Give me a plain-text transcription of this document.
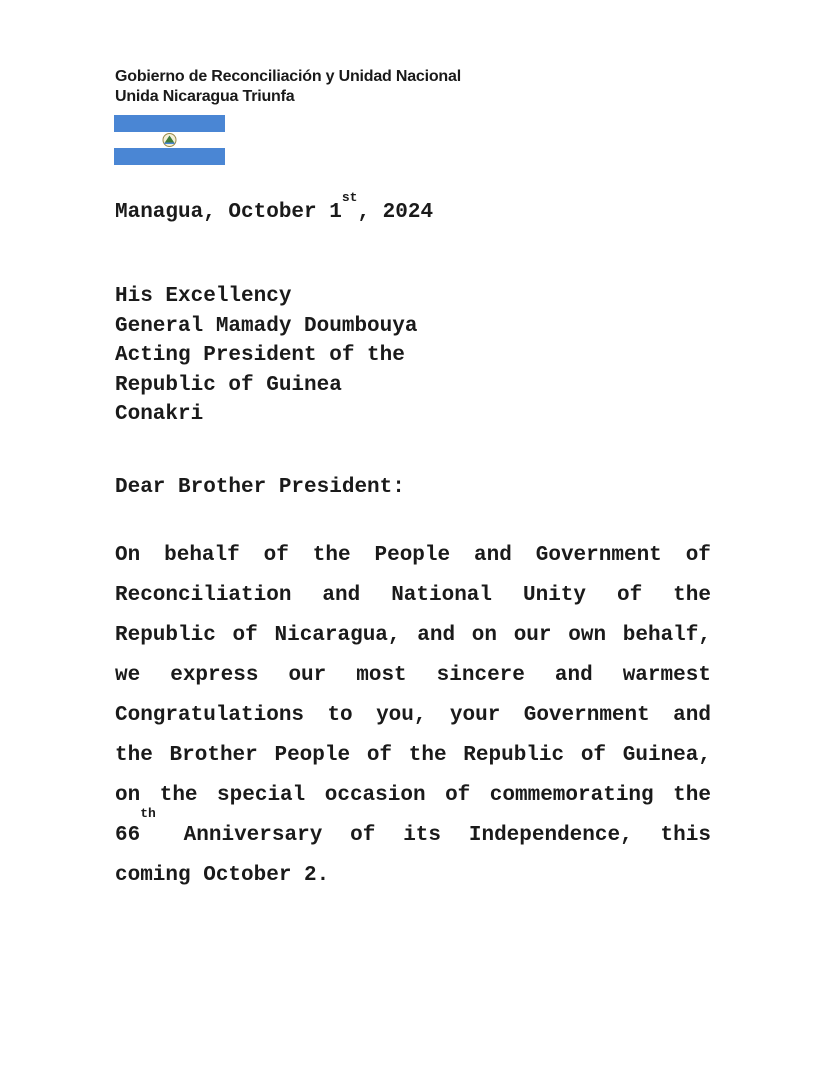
Gobierno de Reconciliación y Unidad Nacional
Unida Nicaragua Triunfa
Managua, October 1st, 2024
His Excellency
General Mamady Doumbouya
Acting President of the
Republic of Guinea
Conakri
Dear Brother President:
On behalf of the People and Government of
Reconciliation and National Unity of the
Republic of Nicaragua, and on our own behalf,
we express our most sincere and warmest
Congratulations to you, your Government and
the Brother People of the Republic of Guinea,
on the special occasion of commemorating the
66th
Anniversary of its Independence, this
coming October 2.
